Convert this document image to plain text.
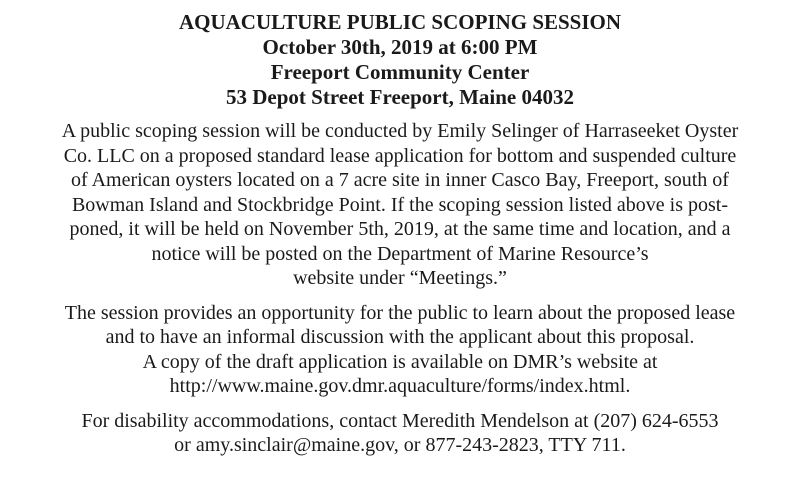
AQUACULTURE PUBLIC SCOPING SESSION
October 30th, 2019 at 6:00 PM
Freeport Community Center
53 Depot Street Freeport, Maine 04032
A public scoping session will be conducted by Emily Selinger of Harraseeket Oyster
Co. LLC on a proposed standard lease application for bottom and suspended culture
of American oysters located on a 7 acre site in inner Casco Bay, Freeport, south of
Bowman Island and Stockbridge Point. If the scoping session listed above is post-
poned, it will be held on November 5th, 2019, at the same time and location, and a
notice will be posted on the Department of Marine Resource’s
website under “Meetings.”
The session provides an opportunity for the public to learn about the proposed lease
and to have an informal discussion with the applicant about this proposal.
A copy of the draft application is available on DMR’s website at
http://www.maine.gov.dmr.aquaculture/forms/index.html.
For disability accommodations, contact Meredith Mendelson at (207) 624-6553
or amy.sinclair@maine.gov, or 877-243-2823, TTY 711.
